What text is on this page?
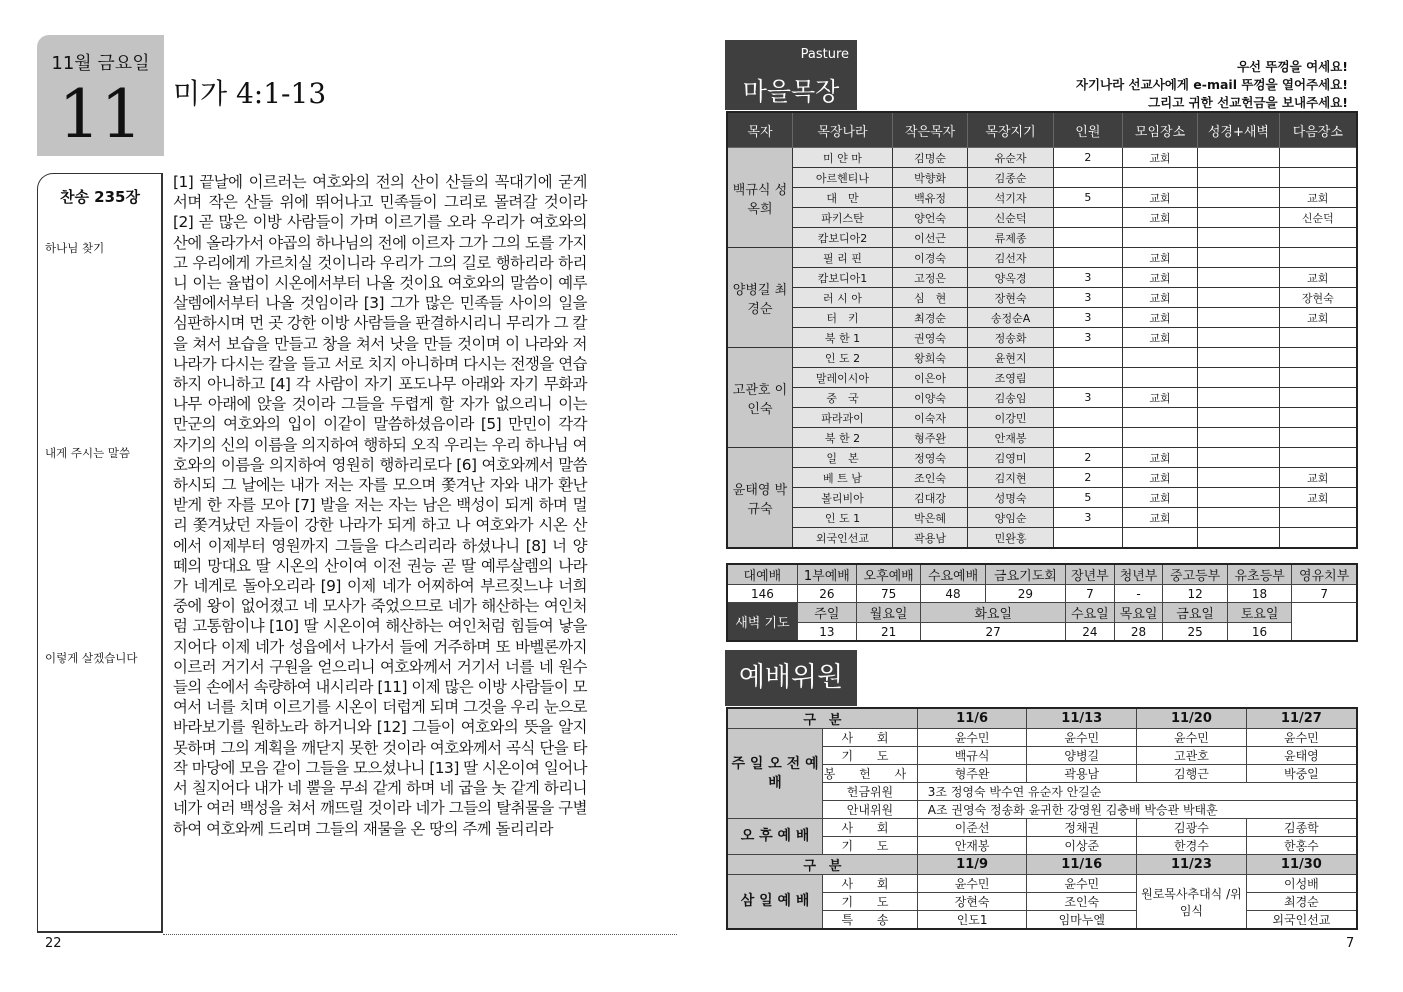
11월 금요일
11	미가 4:1-13
찬송 235장
하나님 찾기
내게 주시는 말씀
이렇게 살겠습니다
[1] 끝날에 이르러는 여호와의 전의 산이 산들의 꼭대기에 굳게 서며 작은 산들 위에 뛰어나고 민족들이 그리로 몰려갈 것이라 [2] 곧 많은 이방 사람들이 가며 이르기를 오라 우리가 여호와의 산에 올라가서 야곱의 하나님의 전에 이르자 그가 그의 도를 가지고 우리에게 가르치실 것이니라 우리가 그의 길로 행하리라 하리니 이는 율법이 시온에서부터 나올 것이요 여호와의 말씀이 예루살렘에서부터 나올 것임이라 [3] 그가 많은 민족들 사이의 일을 심판하시며 먼 곳 강한 이방 사람들을 판결하시리니 무리가 그 칼을 쳐서 보습을 만들고 창을 쳐서 낫을 만들 것이며 이 나라와 저 나라가 다시는 칼을 들고 서로 치지 아니하며 다시는 전쟁을 연습하지 아니하고 [4] 각 사람이 자기 포도나무 아래와 자기 무화과나무 아래에 앉을 것이라 그들을 두렵게 할 자가 없으리니 이는 만군의 여호와의 입이 이같이 말씀하셨음이라 [5] 만민이 각각 자기의 신의 이름을 의지하여 행하되 오직 우리는 우리 하나님 여호와의 이름을 의지하여 영원히 행하리로다 [6] 여호와께서 말씀하시되 그 날에는 내가 저는 자를 모으며 쫓겨난 자와 내가 환난 받게 한 자를 모아 [7] 발을 저는 자는 남은 백성이 되게 하며 멀리 쫓겨났던 자들이 강한 나라가 되게 하고 나 여호와가 시온 산에서 이제부터 영원까지 그들을 다스리리라 하셨나니 [8] 너 양 떼의 망대요 딸 시온의 산이여 이전 권능 곧 딸 예루살렘의 나라가 네게로 돌아오리라 [9] 이제 네가 어찌하여 부르짖느냐 너희 중에 왕이 없어졌고 네 모사가 죽었으므로 네가 해산하는 여인처럼 고통함이냐 [10] 딸 시온이여 해산하는 여인처럼 힘들여 낳을지어다 이제 네가 성읍에서 나가서 들에 거주하며 또 바벨론까지 이르러 거기서 구원을 얻으리니 여호와께서 거기서 너를 네 원수들의 손에서 속량하여 내시리라 [11] 이제 많은 이방 사람들이 모여서 너를 치며 이르기를 시온이 더럽게 되며 그것을 우리 눈으로 바라보기를 원하노라 하거니와 [12] 그들이 여호와의 뜻을 알지 못하며 그의 계획을 깨닫지 못한 것이라 여호와께서 곡식 단을 타작 마당에 모음 같이 그들을 모으셨나니 [13] 딸 시온이여 일어나서 칠지어다 내가 네 뿔을 무쇠 같게 하며 네 굽을 놋 같게 하리니 네가 여러 백성을 쳐서 깨뜨릴 것이라 네가 그들의 탈취물을 구별하여 여호와께 드리며 그들의 재물을 온 땅의 주께 돌리리라
22
Pasture
마을목장
우선 뚜껑을 여세요!
자기나라 선교사에게 e-mail 뚜껑을 열어주세요!
그리고 귀한 선교헌금을 보내주세요!
목자	목장나라	작은목자	목장지기	인원	모임장소	성경+새벽	다음장소
백규식 성옥희	미 얀 마	김명순	유순자	2	교회		
	아르헨티나	박향화	김종순				
	대　만	백유정	석기자	5	교회		교회
	파키스탄	양언숙	신순덕		교회		신순덕
	캄보디아2	이선근	류제종				
양병길 최경순	필 리 핀	이경숙	김선자		교회		
	캄보디아1	고정은	양옥경	3	교회		교회
	러 시 아	심　현	장현숙	3	교회		장현숙
	터　키	최경순	송정순A	3	교회		교회
	북 한 1	권영숙	정송화	3	교회		
고관호 이인숙	인 도 2	왕희숙	윤현지				
	말레이시아	이은아	조영림				
	중　국	이양숙	김송임	3	교회		
	파라과이	이숙자	이강민				
	북 한 2	형주완	안재봉				
윤태영 박규숙	일　본	정영숙	김영미	2	교회		
	베 트 남	조인숙	김지현	2	교회		교회
	볼리비아	김대강	성명숙	5	교회		교회
	인 도 1	박은혜	양임순	3	교회		
	외국인선교	곽용남	민완홍				
대예배	1부예배	오후예배	수요예배	금요기도회	장년부	청년부	중고등부	유초등부	영유치부
146	26	75	48	29	7	-	12	18	7
새벽 기도	주일	월요일	화요일		수요일	목요일	금요일	토요일	
	13	21	27		24	28	25	16	
예배위원
구　분		11/6	11/13	11/20	11/27
주 일 오 전 예 배	사 회	윤수민	윤수민	윤수민	윤수민
	기 도	백규식	양병길	고관호	윤태영
	봉 헌 사	형주완	곽용남	김행근	박중일
	헌금위원	3조 정영숙 박수연 유순자 안길순			
	안내위원	A조 권영숙 정송화 윤귀한 강영원 김충배 박승관 박태훈			
오 후 예 배	사 회	이준선	정채권	김광수	김종학
	기 도	안재봉	이상준	한경수	한홍수
구　분		11/9	11/16	11/23	11/30
삼 일 예 배	사 회	윤수민	윤수민	원로목사추대식 /위임식	이성배
	기 도	장현숙	조인숙		최경순
	특 송	인도1	임마누엘		외국인선교
7
